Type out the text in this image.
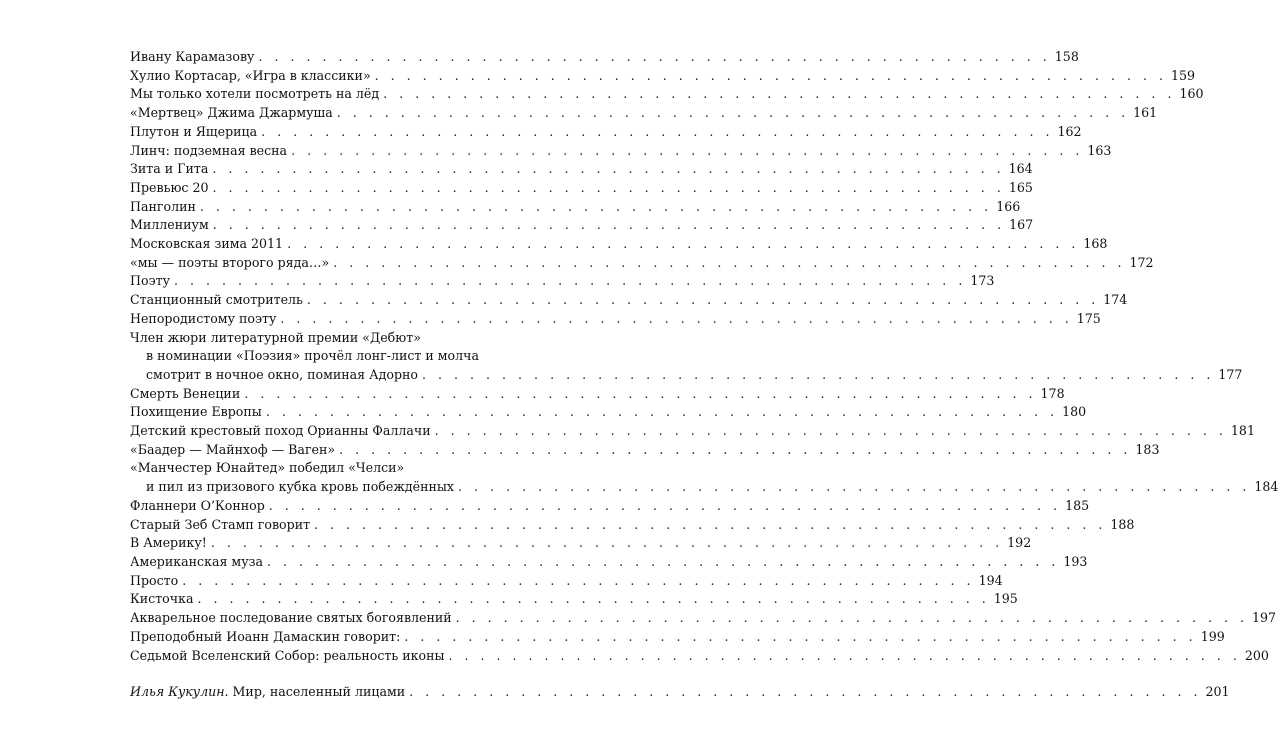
Ивану Карамазову . . . . . . . . . . . . . . . . . . . . . . . . . . . . . . . . . . . . . . . . . . . . . . . . . . 158
Хулио Кортасар, «Игра в классики» . . . . . . . . . . . . . . . . . . . . . . . . . . . . . . . . . . . . . . . . . . . . . . . . . . 159
Мы только хотели посмотреть на лёд . . . . . . . . . . . . . . . . . . . . . . . . . . . . . . . . . . . . . . . . . . . . . . . . . . 160
«Мертвец» Джима Джармуша . . . . . . . . . . . . . . . . . . . . . . . . . . . . . . . . . . . . . . . . . . . . . . . . . . 161
Плутон и Ящерица . . . . . . . . . . . . . . . . . . . . . . . . . . . . . . . . . . . . . . . . . . . . . . . . . . 162
Линч: подземная весна . . . . . . . . . . . . . . . . . . . . . . . . . . . . . . . . . . . . . . . . . . . . . . . . . . 163
Зита и Гита . . . . . . . . . . . . . . . . . . . . . . . . . . . . . . . . . . . . . . . . . . . . . . . . . . 164
Превьюс 20 . . . . . . . . . . . . . . . . . . . . . . . . . . . . . . . . . . . . . . . . . . . . . . . . . . 165
Панголин . . . . . . . . . . . . . . . . . . . . . . . . . . . . . . . . . . . . . . . . . . . . . . . . . . 166
Миллениум . . . . . . . . . . . . . . . . . . . . . . . . . . . . . . . . . . . . . . . . . . . . . . . . . . 167
Московская зима 2011 . . . . . . . . . . . . . . . . . . . . . . . . . . . . . . . . . . . . . . . . . . . . . . . . . . 168
«мы — поэты второго ряда…» . . . . . . . . . . . . . . . . . . . . . . . . . . . . . . . . . . . . . . . . . . . . . . . . . . 172
Поэту . . . . . . . . . . . . . . . . . . . . . . . . . . . . . . . . . . . . . . . . . . . . . . . . . . 173
Станционный смотритель . . . . . . . . . . . . . . . . . . . . . . . . . . . . . . . . . . . . . . . . . . . . . . . . . . 174
Непородистому поэту . . . . . . . . . . . . . . . . . . . . . . . . . . . . . . . . . . . . . . . . . . . . . . . . . . 175
Член жюри литературной премии «Дебют»
в номинации «Поэзия» прочёл лонг-лист и молча
смотрит в ночное окно, поминая Адорно . . . . . . . . . . . . . . . . . . . . . . . . . . . . . . . . . . . . . . . . . . . . . . . . . . 177
Смерть Венеции . . . . . . . . . . . . . . . . . . . . . . . . . . . . . . . . . . . . . . . . . . . . . . . . . . 178
Похищение Европы . . . . . . . . . . . . . . . . . . . . . . . . . . . . . . . . . . . . . . . . . . . . . . . . . . 180
Детский крестовый поход Орианны Фаллачи . . . . . . . . . . . . . . . . . . . . . . . . . . . . . . . . . . . . . . . . . . . . . . . . . . 181
«Баадер — Майнхоф — Ваген» . . . . . . . . . . . . . . . . . . . . . . . . . . . . . . . . . . . . . . . . . . . . . . . . . . 183
«Манчестер Юнайтед» победил «Челси»
и пил из призового кубка кровь побеждённых . . . . . . . . . . . . . . . . . . . . . . . . . . . . . . . . . . . . . . . . . . . . . . . . . . 184
Фланнери О’Коннор . . . . . . . . . . . . . . . . . . . . . . . . . . . . . . . . . . . . . . . . . . . . . . . . . . 185
Старый Зеб Стамп говорит . . . . . . . . . . . . . . . . . . . . . . . . . . . . . . . . . . . . . . . . . . . . . . . . . . 188
В Америку! . . . . . . . . . . . . . . . . . . . . . . . . . . . . . . . . . . . . . . . . . . . . . . . . . . 192
Американская муза . . . . . . . . . . . . . . . . . . . . . . . . . . . . . . . . . . . . . . . . . . . . . . . . . . 193
Просто . . . . . . . . . . . . . . . . . . . . . . . . . . . . . . . . . . . . . . . . . . . . . . . . . . 194
Кисточка . . . . . . . . . . . . . . . . . . . . . . . . . . . . . . . . . . . . . . . . . . . . . . . . . . 195
Акварельное последование святых богоявлений . . . . . . . . . . . . . . . . . . . . . . . . . . . . . . . . . . . . . . . . . . . . . . . . . . 197
Преподобный Иоанн Дамаскин говорит: . . . . . . . . . . . . . . . . . . . . . . . . . . . . . . . . . . . . . . . . . . . . . . . . . . 199
Седьмой Вселенский Собор: реальность иконы . . . . . . . . . . . . . . . . . . . . . . . . . . . . . . . . . . . . . . . . . . . . . . . . . . 200
Илья Кукулин. Мир, населенный лицами . . . . . . . . . . . . . . . . . . . . . . . . . . . . . . . . . . . . . . . . . . . . . . . . . . 201
